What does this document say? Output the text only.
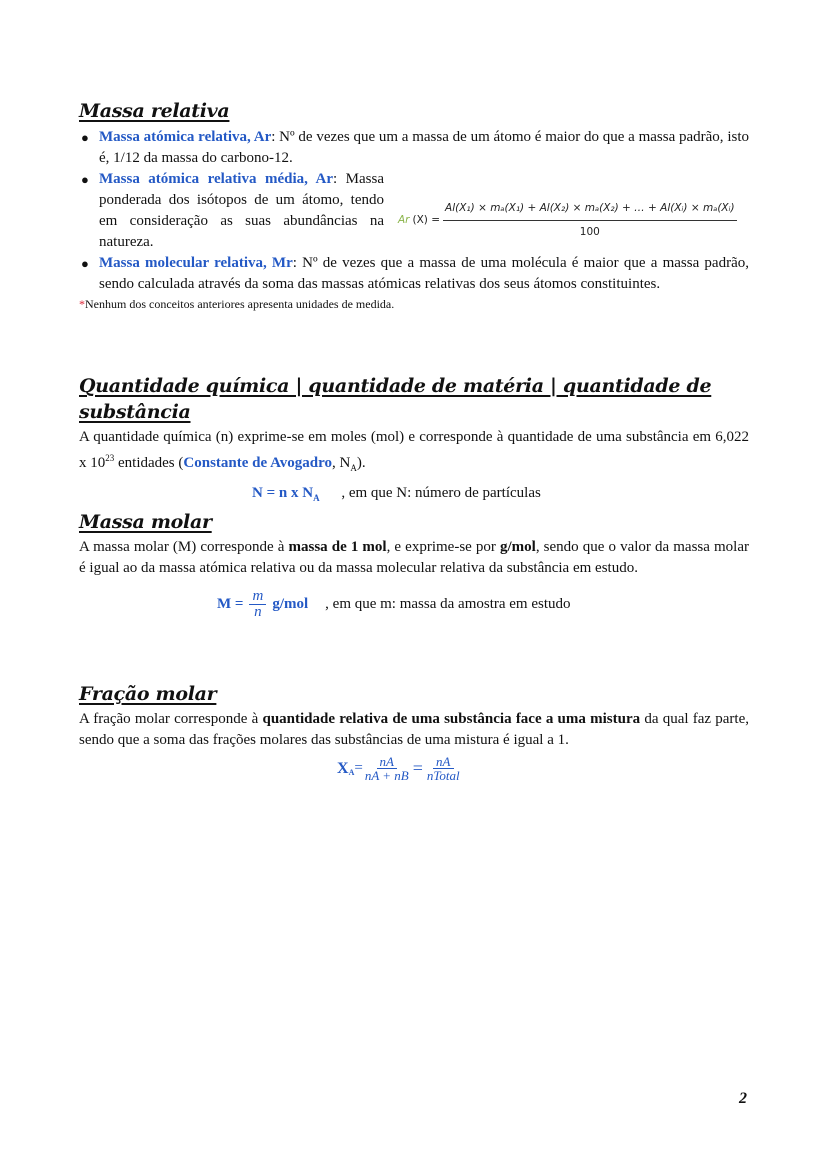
Massa relativa
● Massa atómica relativa, Ar: Nº de vezes que um a massa de um átomo é maior do que a massa padrão, isto é, 1/12 da massa do carbono-12.
● Massa atómica relativa média, Ar: Massa ponderada dos isótopos de um átomo, tendo em consideração as suas abundâncias na natureza.
Ar $(X) = \frac{\text{Al(X₁) × mₐ(X₁) + Al(X₂) × mₐ(X₂) + … + Al(Xᵢ) × mₐ(Xᵢ)}}{100}$
● Massa molecular relativa, Mr: Nº de vezes que a massa de uma molécula é maior que a massa padrão, sendo calculada através da soma das massas atómicas relativas dos seus átomos constituintes.
*Nenhum dos conceitos anteriores apresenta unidades de medida.
Quantidade química | quantidade de matéria | quantidade de substância

A quantidade química (n) exprime-se em moles (mol) e corresponde à quantidade de uma substância em 6,022 x $10^{23}$ entidades (Constante de Avogadro, $N_A$).

N = n x $N_A$ , em que N: número de partículas
Massa molar

A massa molar (M) corresponde à massa de 1 mol, e exprime-se por g/mol, sendo que o valor da massa molar é igual ao da massa atómica relativa ou da massa molecular relativa da substância em estudo.

$M = \frac{m}{n} g/mol$ , em que m: massa da amostra em estudo
Fração molar

A fração molar corresponde à quantidade relativa de uma substância face a uma mistura da qual faz parte, sendo que a soma das frações molares das substâncias de uma mistura é igual a 1.

$X_A = \frac{nA}{nA + nB}$ = nA
nTotal
2
